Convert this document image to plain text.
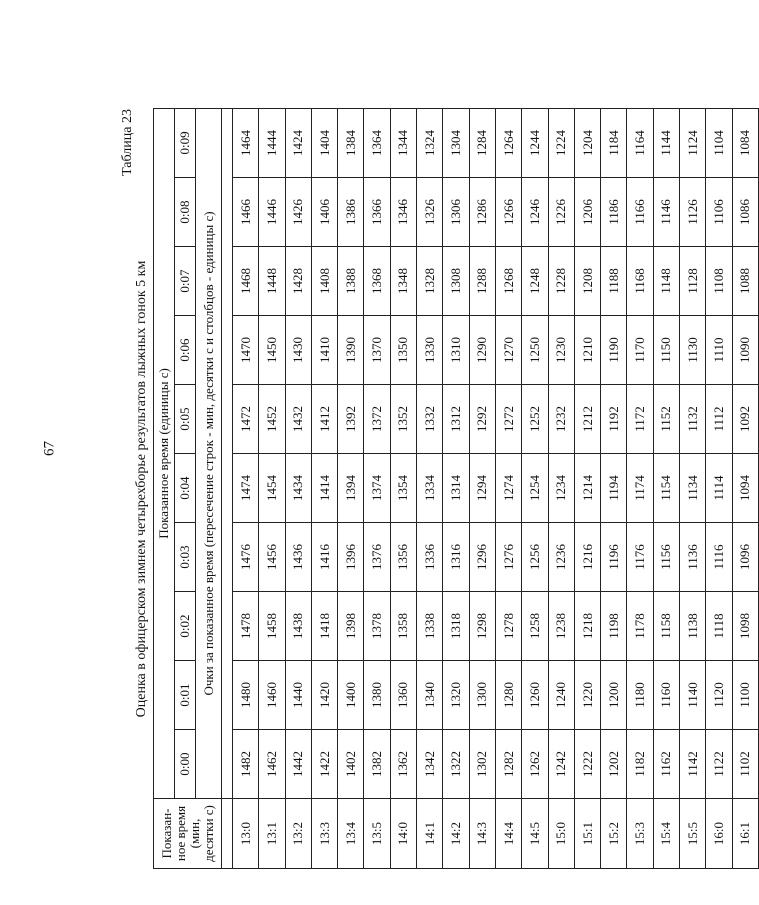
67
Таблица 23
Оценка в офицерском зимнем четырехборье результатов лыжных гонок 5 км
Показан- ное время (мин, десятки с)	Показанное время (единицы с)									
	0:00	0:01	0:02	0:03	0:04	0:05	0:06	0:07	0:08	0:09
	Очки за показанное время (пересечение строк - мин, десятки с и столбцов - единицы с)									

13:0	1482	1480	1478	1476	1474	1472	1470	1468	1466	1464
13:1	1462	1460	1458	1456	1454	1452	1450	1448	1446	1444
13:2	1442	1440	1438	1436	1434	1432	1430	1428	1426	1424
13:3	1422	1420	1418	1416	1414	1412	1410	1408	1406	1404
13:4	1402	1400	1398	1396	1394	1392	1390	1388	1386	1384
13:5	1382	1380	1378	1376	1374	1372	1370	1368	1366	1364
14:0	1362	1360	1358	1356	1354	1352	1350	1348	1346	1344
14:1	1342	1340	1338	1336	1334	1332	1330	1328	1326	1324
14:2	1322	1320	1318	1316	1314	1312	1310	1308	1306	1304
14:3	1302	1300	1298	1296	1294	1292	1290	1288	1286	1284
14:4	1282	1280	1278	1276	1274	1272	1270	1268	1266	1264
14:5	1262	1260	1258	1256	1254	1252	1250	1248	1246	1244
15:0	1242	1240	1238	1236	1234	1232	1230	1228	1226	1224
15:1	1222	1220	1218	1216	1214	1212	1210	1208	1206	1204
15:2	1202	1200	1198	1196	1194	1192	1190	1188	1186	1184
15:3	1182	1180	1178	1176	1174	1172	1170	1168	1166	1164
15:4	1162	1160	1158	1156	1154	1152	1150	1148	1146	1144
15:5	1142	1140	1138	1136	1134	1132	1130	1128	1126	1124
16:0	1122	1120	1118	1116	1114	1112	1110	1108	1106	1104
16:1	1102	1100	1098	1096	1094	1092	1090	1088	1086	1084
